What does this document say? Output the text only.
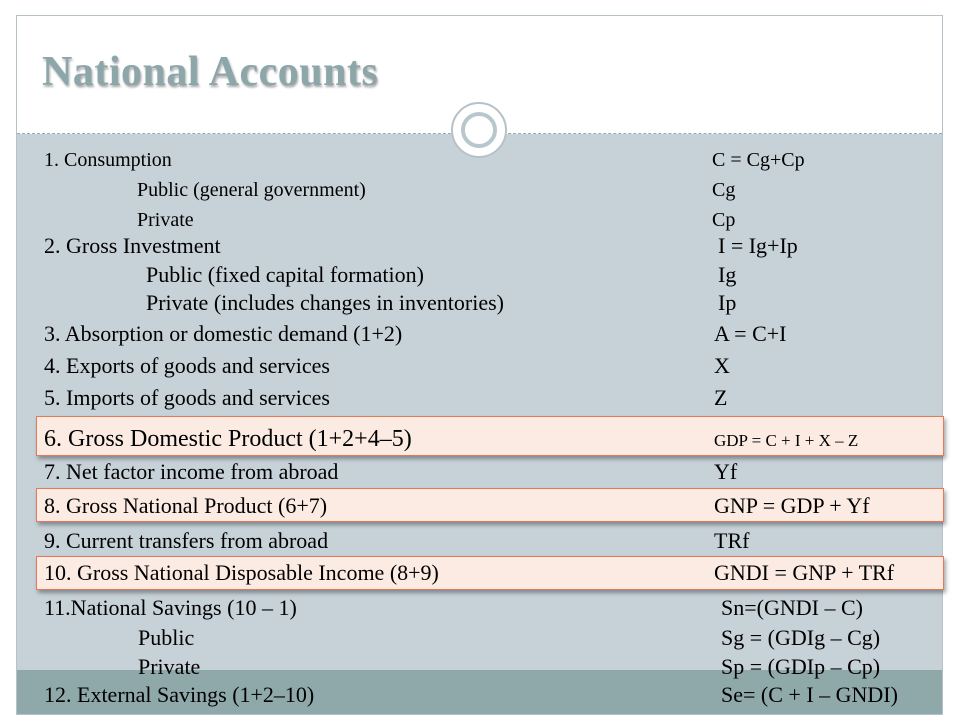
National Accounts
1. Consumption	C = Cg+Cp
Public (general government)	Cg
Private	Cp
2. Gross Investment	I = Ig+Ip
Public (fixed capital formation)	Ig
Private (includes changes in inventories)	Ip
3. Absorption or domestic demand (1+2)	A = C+I
4. Exports of goods and services	X
5. Imports of goods and services	Z
6. Gross Domestic Product (1+2+4–5)	GDP = C + I + X – Z
7. Net factor income from abroad	Yf
8. Gross National Product (6+7)	GNP = GDP + Yf
9. Current transfers from abroad	TRf
10. Gross National Disposable Income (8+9)	GNDI = GNP + TRf
11.National Savings (10 – 1)	Sn=(GNDI – C)
Public	Sg = (GDIg – Cg)
Private	Sp = (GDIp – Cp)
12. External Savings (1+2–10)	Se= (C + I – GNDI)
